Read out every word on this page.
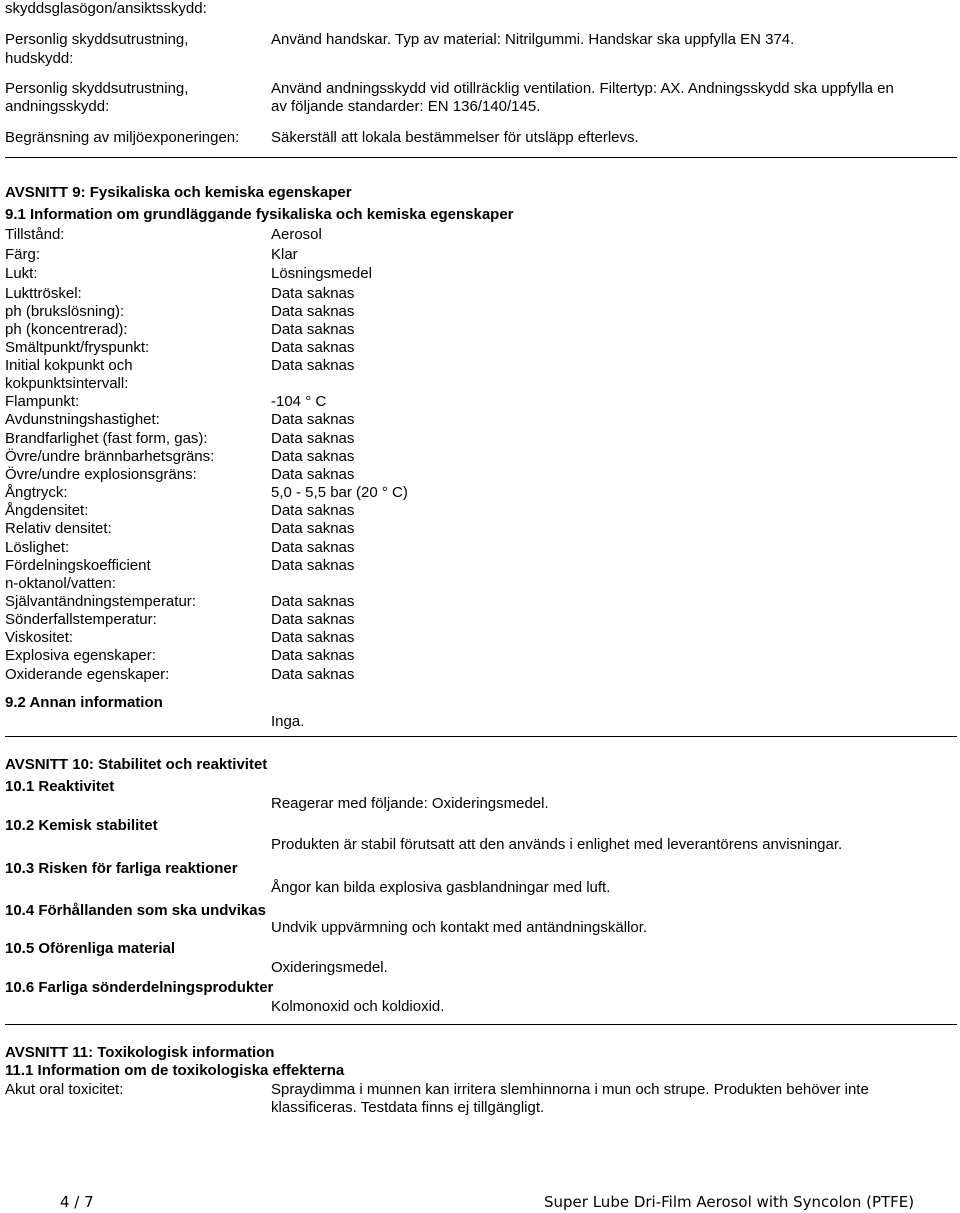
skyddsglasögon/ansiktsskydd:
Personlig skyddsutrustning,
hudskydd:
Använd handskar. Typ av material: Nitrilgummi. Handskar ska uppfylla EN 374.
Personlig skyddsutrustning,
andningsskydd:
Använd andningsskydd vid otillräcklig ventilation. Filtertyp: AX. Andningsskydd ska uppfylla en
av följande standarder: EN 136/140/145.
Begränsning av miljöexponeringen: Säkerställ att lokala bestämmelser för utsläpp efterlevs.
AVSNITT 9: Fysikaliska och kemiska egenskaper
9.1 Information om grundläggande fysikaliska och kemiska egenskaper
Tillstånd:	Aerosol
Färg:	Klar
Lukt:	Lösningsmedel
Lukttröskel:	Data saknas
ph (brukslösning):	Data saknas
ph (koncentrerad):	Data saknas
Smältpunkt/fryspunkt:	Data saknas
Initial kokpunkt och
kokpunktsintervall:
Data saknas
Flampunkt:	-104 ° C
Avdunstningshastighet:	Data saknas
Brandfarlighet (fast form, gas):	Data saknas
Övre/undre brännbarhetsgräns:	Data saknas
Övre/undre explosionsgräns:	Data saknas
Ångtryck:	5,0 - 5,5 bar (20 ° C)
Ångdensitet:	Data saknas
Relativ densitet:	Data saknas
Löslighet:	Data saknas
Fördelningskoefficient
n-oktanol/vatten:
Data saknas
Självantändningstemperatur:	Data saknas
Sönderfallstemperatur:	Data saknas
Viskositet:	Data saknas
Explosiva egenskaper:	Data saknas
Oxiderande egenskaper:	Data saknas
9.2 Annan information
Inga.
AVSNITT 10: Stabilitet och reaktivitet
10.1 Reaktivitet
Reagerar med följande: Oxideringsmedel.
10.2 Kemisk stabilitet
Produkten är stabil förutsatt att den används i enlighet med leverantörens anvisningar.
10.3 Risken för farliga reaktioner
Ångor kan bilda explosiva gasblandningar med luft.
10.4 Förhållanden som ska undvikas
Undvik uppvärmning och kontakt med antändningskällor.
10.5 Oförenliga material
Oxideringsmedel.
10.6 Farliga sönderdelningsprodukter
Kolmonoxid och koldioxid.
AVSNITT 11: Toxikologisk information
11.1 Information om de toxikologiska effekterna
Akut oral toxicitet:	Spraydimma i munnen kan irritera slemhinnorna i mun och strupe. Produkten behöver inte
klassificeras. Testdata finns ej tillgängligt.
4 / 7	Super Lube Dri-Film Aerosol with Syncolon (PTFE)
